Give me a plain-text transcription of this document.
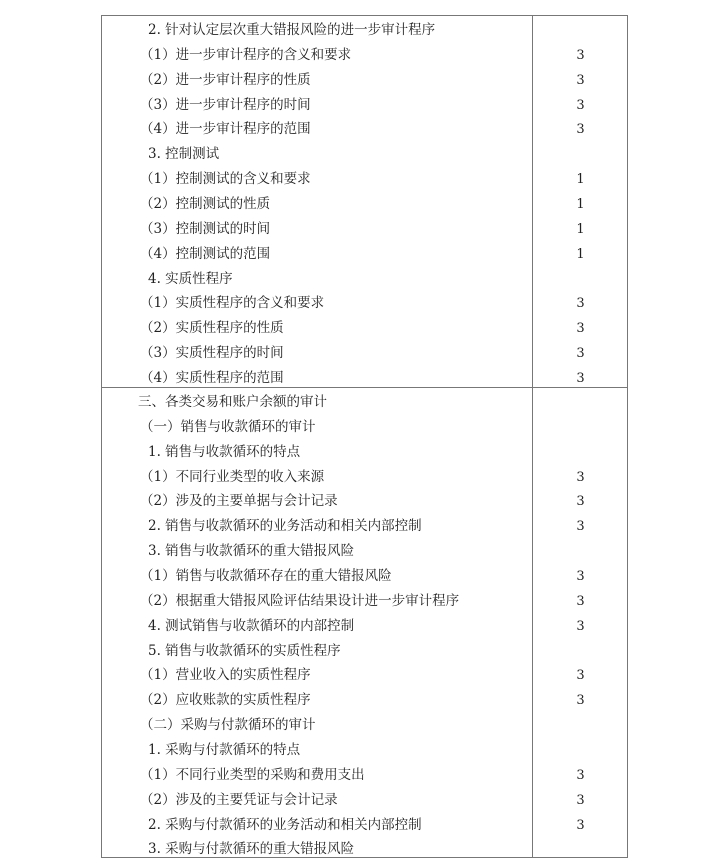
2. 针对认定层次重大错报风险的进一步审计程序
（1）进一步审计程序的含义和要求	3
（2）进一步审计程序的性质	3
（3）进一步审计程序的时间	3
（4）进一步审计程序的范围	3
3. 控制测试
（1）控制测试的含义和要求	1
（2）控制测试的性质	1
（3）控制测试的时间	1
（4）控制测试的范围	1
4. 实质性程序
（1）实质性程序的含义和要求	3
（2）实质性程序的性质	3
（3）实质性程序的时间	3
（4）实质性程序的范围	3
三、各类交易和账户余额的审计
（一）销售与收款循环的审计
1. 销售与收款循环的特点
（1）不同行业类型的收入来源	3
（2）涉及的主要单据与会计记录	3
2. 销售与收款循环的业务活动和相关内部控制	3
3. 销售与收款循环的重大错报风险
（1）销售与收款循环存在的重大错报风险	3
（2）根据重大错报风险评估结果设计进一步审计程序	3
4. 测试销售与收款循环的内部控制	3
5. 销售与收款循环的实质性程序
（1）营业收入的实质性程序	3
（2）应收账款的实质性程序	3
（二）采购与付款循环的审计
1. 采购与付款循环的特点
（1）不同行业类型的采购和费用支出	3
（2）涉及的主要凭证与会计记录	3
2. 采购与付款循环的业务活动和相关内部控制	3
3. 采购与付款循环的重大错报风险
